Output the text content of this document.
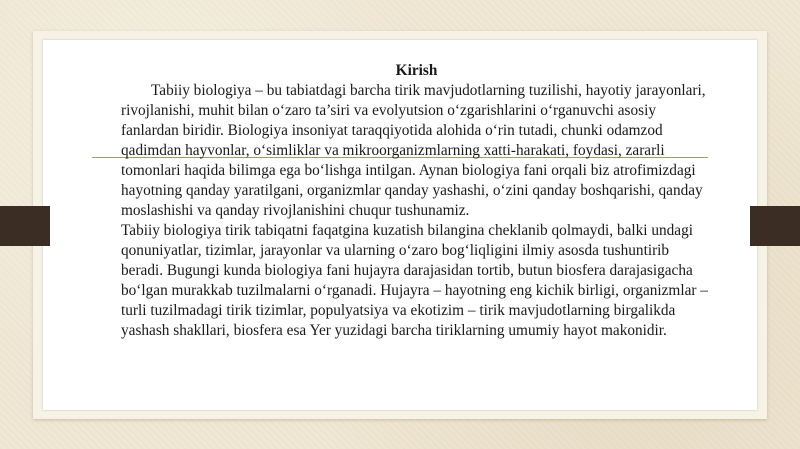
Kirish

Tabiiy biologiya – bu tabiatdagi barcha tirik mavjudotlarning tuzilishi, hayotiy jarayonlari, rivojlanishi, muhit bilan o‘zaro ta’siri va evolyutsion o‘zgarishlarini o‘rganuvchi asosiy fanlardan biridir. Biologiya insoniyat taraqqiyotida alohida o‘rin tutadi, chunki odamzod qadimdan hayvonlar, o‘simliklar va mikroorganizmlarning xatti-harakati, foydasi, zararli tomonlari haqida bilimga ega bo‘lishga intilgan. Aynan biologiya fani orqali biz atrofimizdagi hayotning qanday yaratilgani, organizmlar qanday yashashi, o‘zini qanday boshqarishi, qanday moslashishi va qanday rivojlanishini chuqur tushunamiz.

Tabiiy biologiya tirik tabiqatni faqatgina kuzatish bilangina cheklanib qolmaydi, balki undagi qonuniyatlar, tizimlar, jarayonlar va ularning o‘zaro bog‘liqligini ilmiy asosda tushuntirib beradi. Bugungi kunda biologiya fani hujayra darajasidan tortib, butun biosfera darajasigacha bo‘lgan murakkab tuzilmalarni o‘rganadi. Hujayra – hayotning eng kichik birligi, organizmlar – turli tuzilmadagi tirik tizimlar, populyatsiya va ekotizim – tirik mavjudotlarning birgalikda yashash shakllari, biosfera esa Yer yuzidagi barcha tiriklarning umumiy hayot makonidir.
